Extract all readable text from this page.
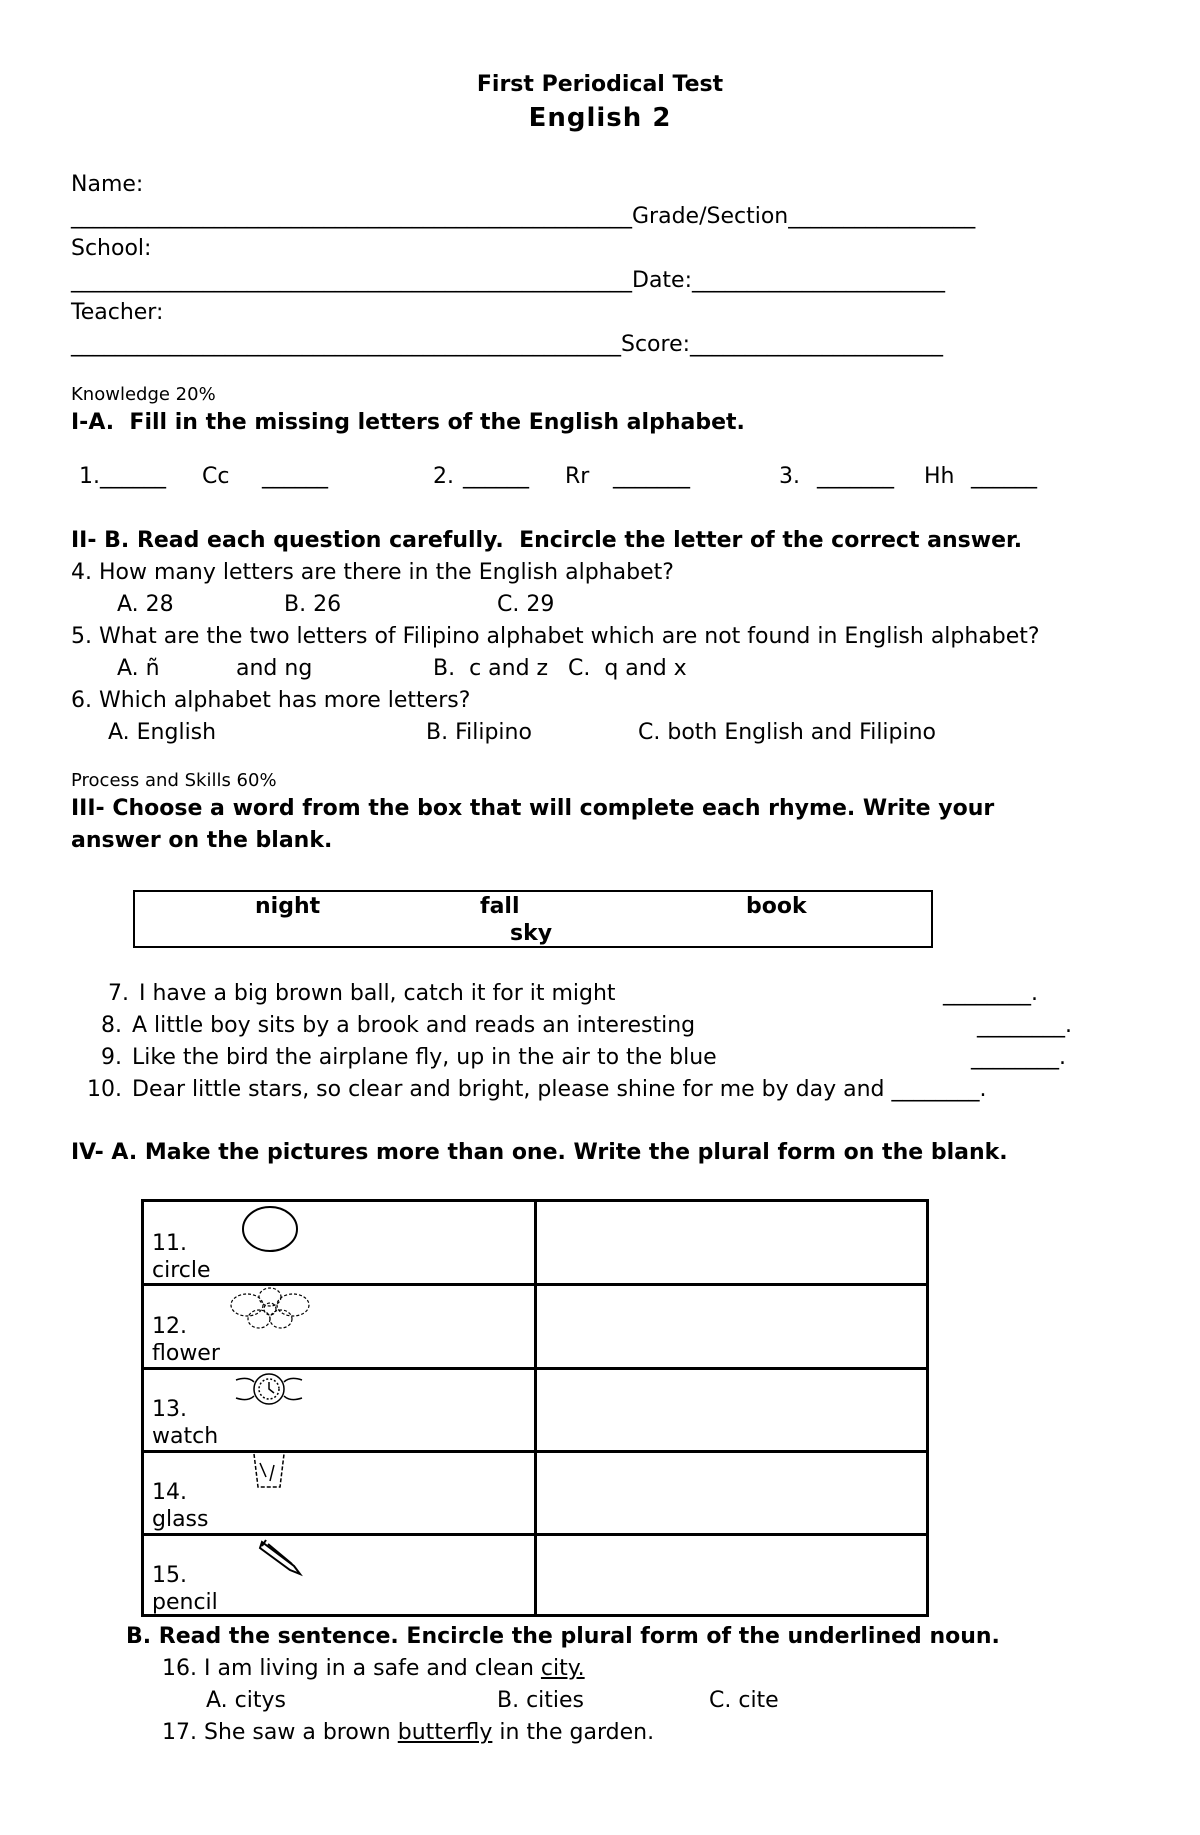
First Periodical Test
English 2
Name:
___________________________________________________Grade/Section_________________
School:
___________________________________________________Date:_______________________
Teacher:
__________________________________________________Score:_______________________
Knowledge 20%
I-A.  Fill in the missing letters of the English alphabet.
1. ______ Cc ______	2. ______ Rr _______	3. _______ Hh ______
II- B. Read each question carefully.  Encircle the letter of the correct answer.
4. How many letters are there in the English alphabet?
A. 28	B. 26	C. 29
5. What are the two letters of Filipino alphabet which are not found in English alphabet?
A. ñ	and ng	B.  c and z C.  q and x
6. Which alphabet has more letters?
A. English	B. Filipino	C. both English and Filipino
Process and Skills 60%
III- Choose a word from the box that will complete each rhyme. Write your
answer on the blank.
night	fall	book
sky
7. I have a big brown ball, catch it for it might	________.
8. A little boy sits by a brook and reads an interesting	________.
9. Like the bird the airplane fly, up in the air to the blue	________.
10. Dear little stars, so clear and bright, please shine for me by day and ________.
IV- A. Make the pictures more than one. Write the plural form on the blank.
11.
circle
12.
flower
13.
watch
14.
glass
15.
pencil
B. Read the sentence. Encircle the plural form of the underlined noun.
16. I am living in a safe and clean city.
A. citys	B. cities	C. cite
17. She saw a brown butterfly in the garden.
